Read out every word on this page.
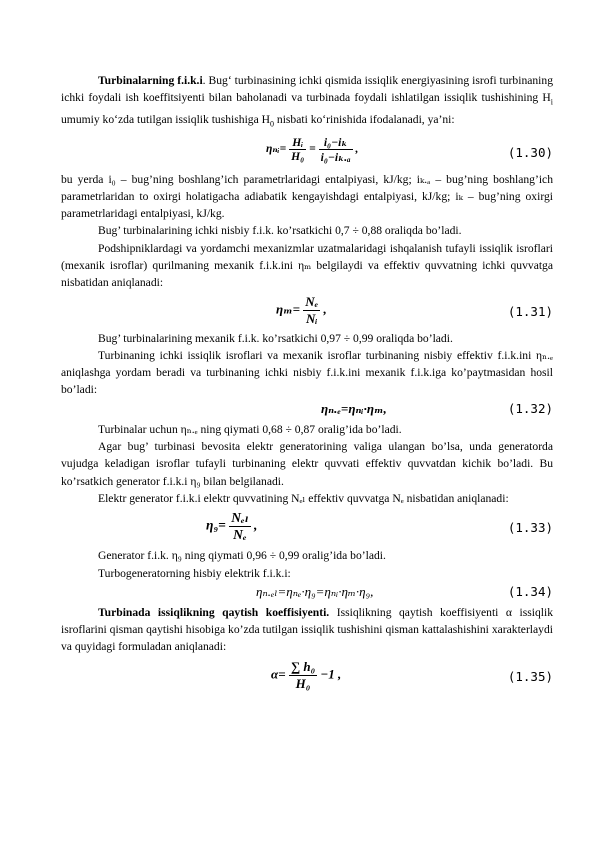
Turbinalarning f.i.k.i. Bug‘ turbinasining ichki qismida issiqlik energiyasining isrofi turbinaning ichki foydali ish koeffitsiyenti bilan baholanadi va turbinada foydali ishlatilgan issiqlik tushishining $H_i$ umumiy ko‘zda tutilgan issiqlik tushishiga $H_0$ nisbati ko‘rinishida ifodalanadi, ya’ni:

ηₙᵢ= $\frac{\text{Hᵢ}}{\text{H₀}} = \frac{\text{i₀−iₖ}}{\text{i₀−iₖ.ₐ}}$ ,	(1.30)

bu yerda i₀ – bug’ning boshlang’ich parametrlaridagi entalpiyasi, kJ/kg; iₖ.ₐ – bug’ning boshlang’ich parametrlaridan to oxirgi holatigacha adiabatik kengayishdagi entalpiyasi, kJ/kg; iₖ – bug’ning oxirgi parametrlaridagi entalpiyasi, kJ/kg.

Bug’ turbinalarining ichki nisbiy f.i.k. ko’rsatkichi 0,7 ÷ 0,88 oraliqda bo’ladi.

Podshipniklardagi va yordamchi mexanizmlar uzatmalaridagi ishqalanish tufayli issiqlik isroflari (mexanik isroflar) qurilmaning mexanik f.i.k.ini ηₘ belgilaydi va effektiv quvvatning ichki quvvatga nisbatidan aniqlanadi:

$\eta_m= \frac{\text{Nₑ}}{\text{Nᵢ}}$ ,	(1.31)

Bug’ turbinalarining mexanik f.i.k. ko’rsatkichi 0,97 ÷ 0,99 oraliqda bo’ladi.

Turbinaning ichki issiqlik isroflari va mexanik isroflar turbinaning nisbiy effektiv f.i.k.ini ηₙ.ₑ aniqlashga yordam beradi va turbinaning ichki nisbiy f.i.k.ini mexanik f.i.k.iga ko’paytmasidan hosil bo’ladi:

ηₙ.ₑ=ηₙᵢ·ηₘ,	(1.32)

Turbinalar uchun ηₙ.ₑ ning qiymati 0,68 ÷ 0,87 oralig’ida bo’ladi.

Agar bug’ turbinasi bevosita elektr generatorining valiga ulangan bo’lsa, unda generatorda vujudga keladigan isroflar tufayli turbinaning elektr quvvati effektiv quvvatdan kichik bo’ladi. Bu ko’rsatkich generator f.i.k.i η₉ bilan belgilanadi.

Elektr generator f.i.k.i elektr quvvatining Nₑₗ effektiv quvvatga Nₑ nisbatidan aniqlanadi:

$\eta_9= \frac{\text{Nₑₗ}}{\text{Nₑ}}$ ,	(1.33)

Generator f.i.k. η₉ ning qiymati 0,96 ÷ 0,99 oralig’ida bo’ladi.

Turbogeneratorning hisbiy elektrik f.i.k.i:

ηₙ.ₑₗ=ηₙₑ·η₉=ηₙᵢ·ηₘ·η₉,	(1.34)

Turbinada issiqlikning qaytish koeffisiyenti. Issiqlikning qaytish koeffisiyenti α issiqlik isroflarini qisman qaytishi hisobiga ko’zda tutilgan issiqlik tushishini qisman kattalashishini xarakterlaydi va quyidagi formuladan aniqlanadi:

$\alpha= \frac{\text{∑ h₀}}{\text{H₀}} -1$ ,	(1.35)
